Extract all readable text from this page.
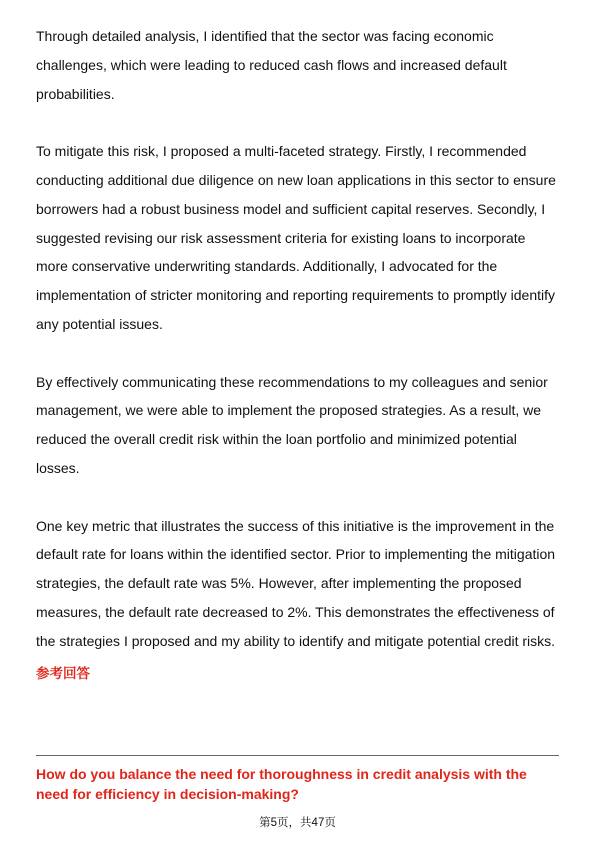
Through detailed analysis, I identified that the sector was facing economic challenges, which were leading to reduced cash flows and increased default probabilities.

To mitigate this risk, I proposed a multi-faceted strategy. Firstly, I recommended conducting additional due diligence on new loan applications in this sector to ensure borrowers had a robust business model and sufficient capital reserves. Secondly, I suggested revising our risk assessment criteria for existing loans to incorporate more conservative underwriting standards. Additionally, I advocated for the implementation of stricter monitoring and reporting requirements to promptly identify any potential issues.

By effectively communicating these recommendations to my colleagues and senior management, we were able to implement the proposed strategies. As a result, we reduced the overall credit risk within the loan portfolio and minimized potential losses.

One key metric that illustrates the success of this initiative is the improvement in the default rate for loans within the identified sector. Prior to implementing the mitigation strategies, the default rate was 5%. However, after implementing the proposed measures, the default rate decreased to 2%. This demonstrates the effectiveness of the strategies I proposed and my ability to identify and mitigate potential credit risks.

参考回答

How do you balance the need for thoroughness in credit analysis with the need for efficiency in decision-making?

第5页，共47页
